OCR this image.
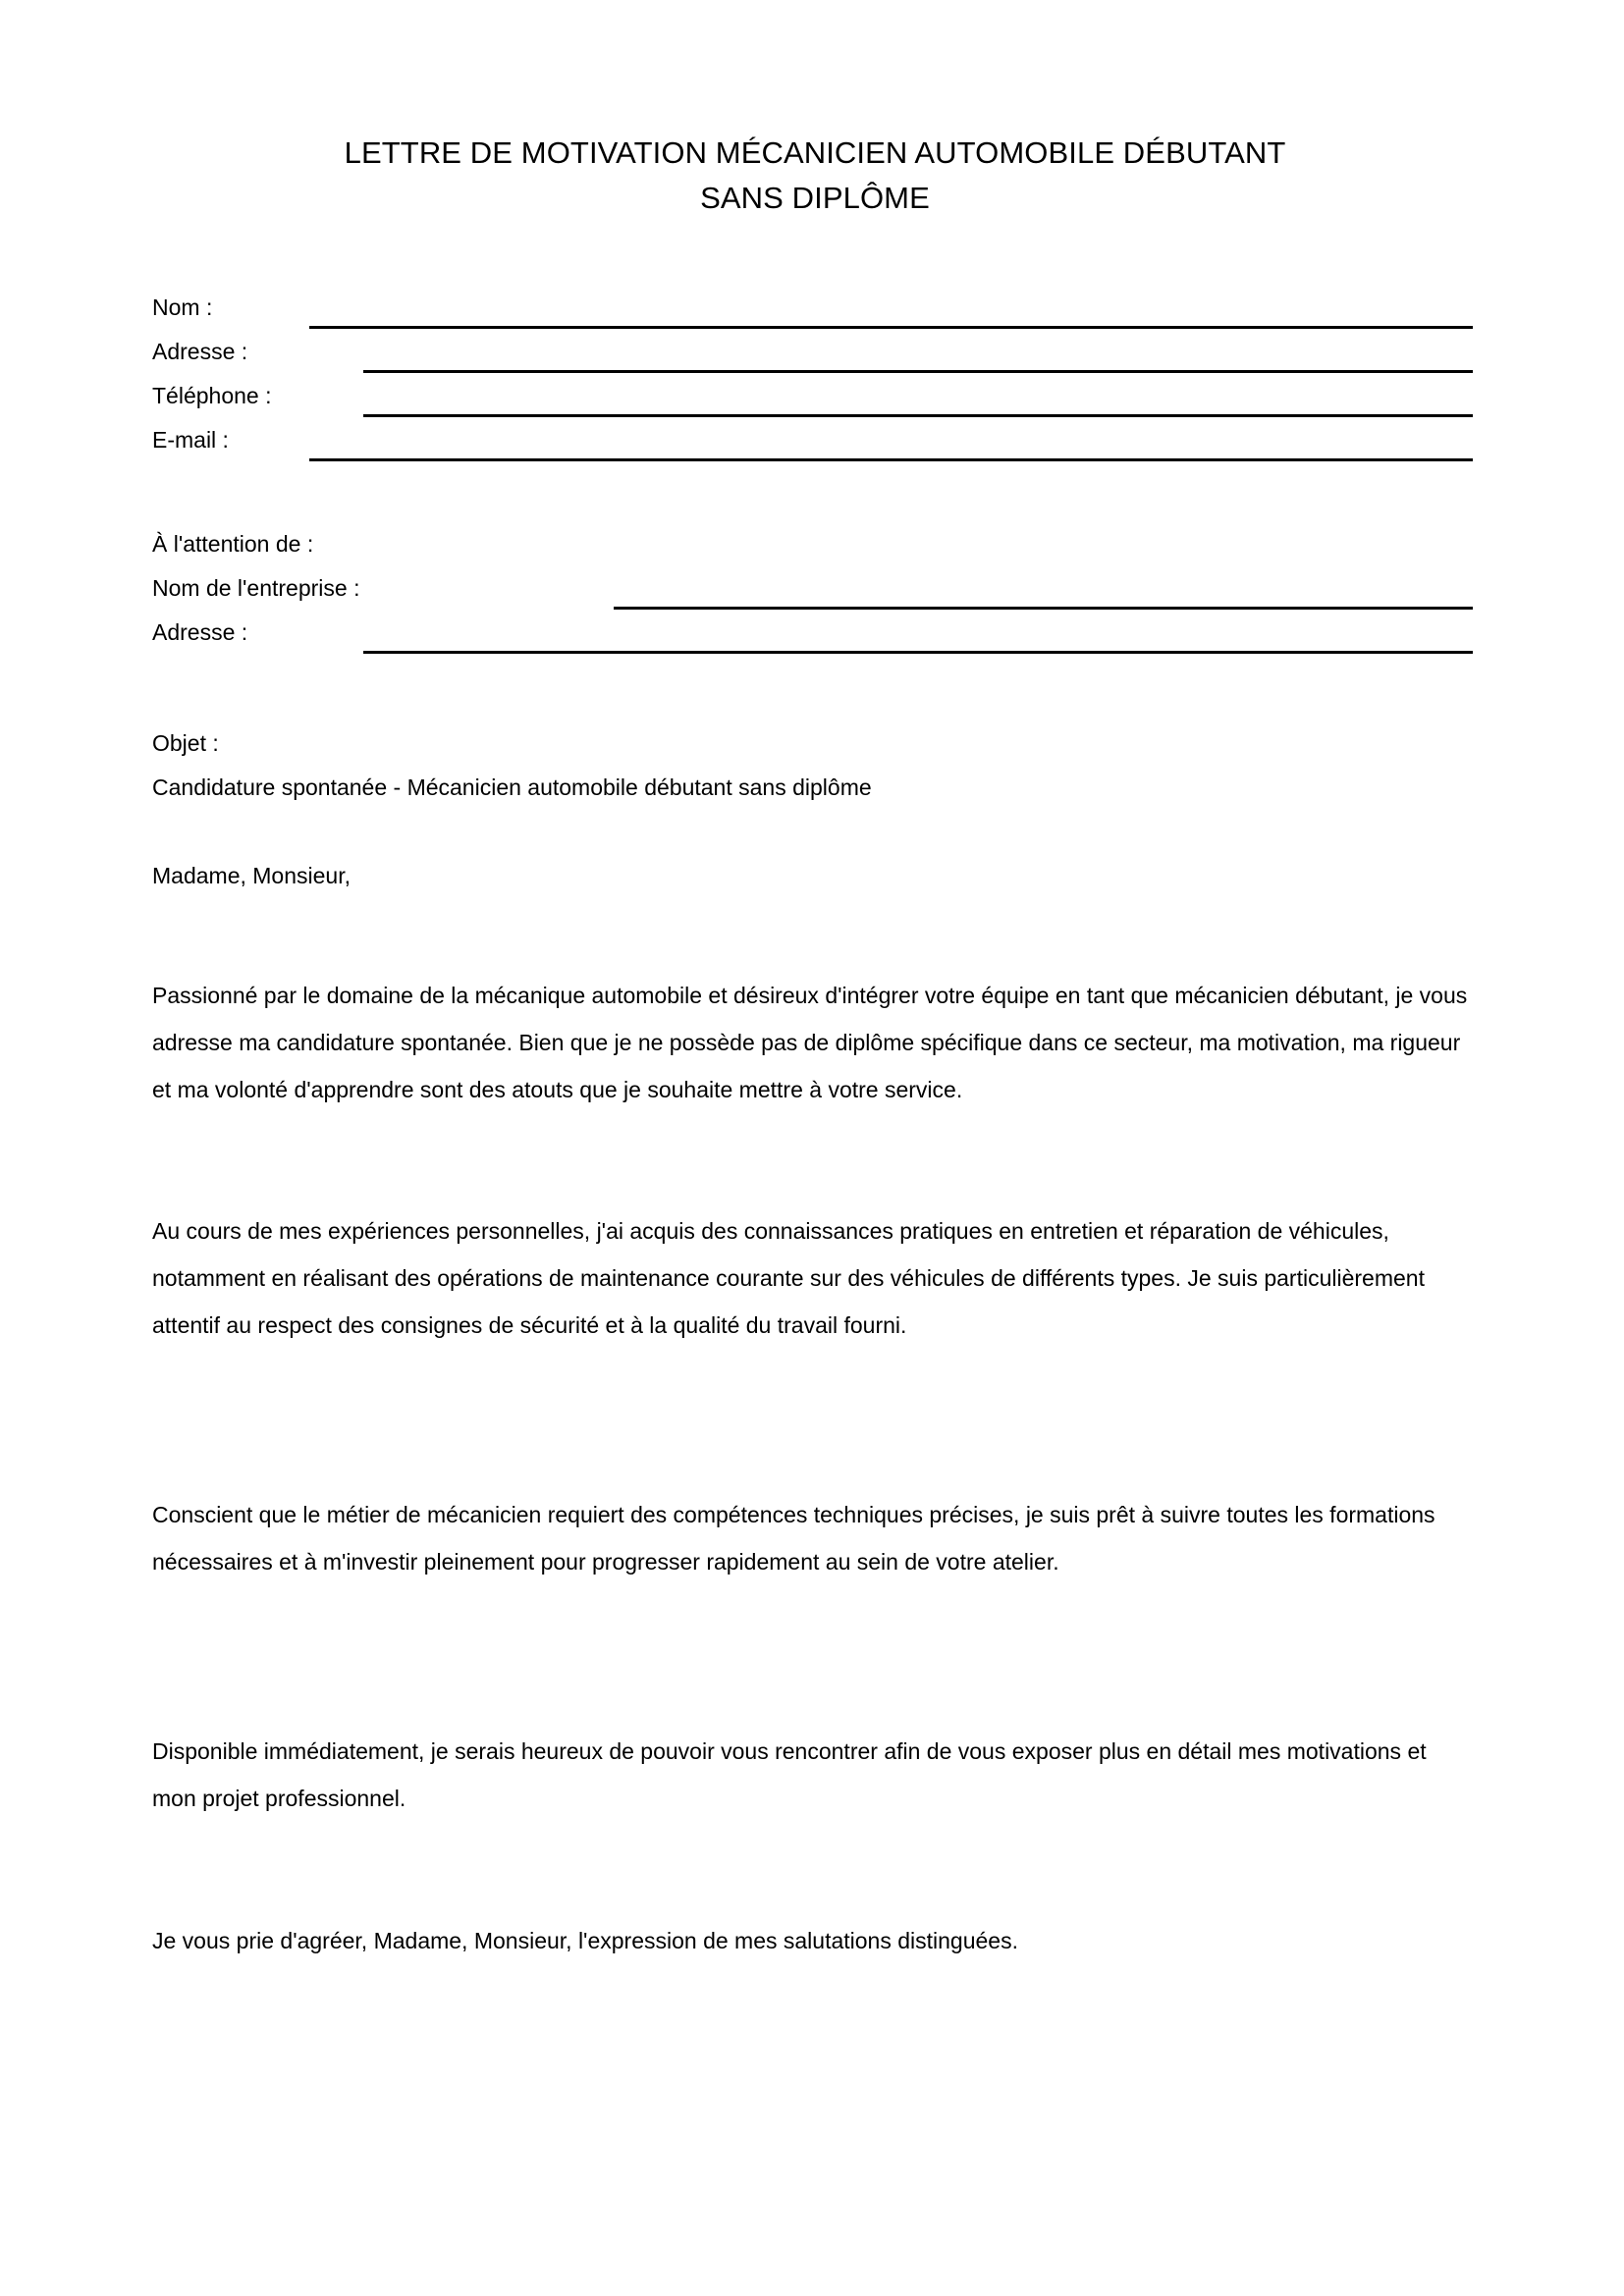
LETTRE DE MOTIVATION MÉCANICIEN AUTOMOBILE DÉBUTANT
SANS DIPLÔME
Nom :
Adresse :
Téléphone :
E-mail :
À l'attention de :
Nom de l'entreprise :
Adresse :
Objet :
Candidature spontanée - Mécanicien automobile débutant sans diplôme
Madame, Monsieur,

Passionné par le domaine de la mécanique automobile et désireux d'intégrer votre équipe en tant que mécanicien débutant, je vous adresse ma candidature spontanée. Bien que je ne possède pas de diplôme spécifique dans ce secteur, ma motivation, ma rigueur et ma volonté d'apprendre sont des atouts que je souhaite mettre à votre service.

Au cours de mes expériences personnelles, j'ai acquis des connaissances pratiques en entretien et réparation de véhicules, notamment en réalisant des opérations de maintenance courante sur des véhicules de différents types. Je suis particulièrement attentif au respect des consignes de sécurité et à la qualité du travail fourni.

Conscient que le métier de mécanicien requiert des compétences techniques précises, je suis prêt à suivre toutes les formations nécessaires et à m'investir pleinement pour progresser rapidement au sein de votre atelier.

Disponible immédiatement, je serais heureux de pouvoir vous rencontrer afin de vous exposer plus en détail mes motivations et mon projet professionnel.

Je vous prie d'agréer, Madame, Monsieur, l'expression de mes salutations distinguées.
